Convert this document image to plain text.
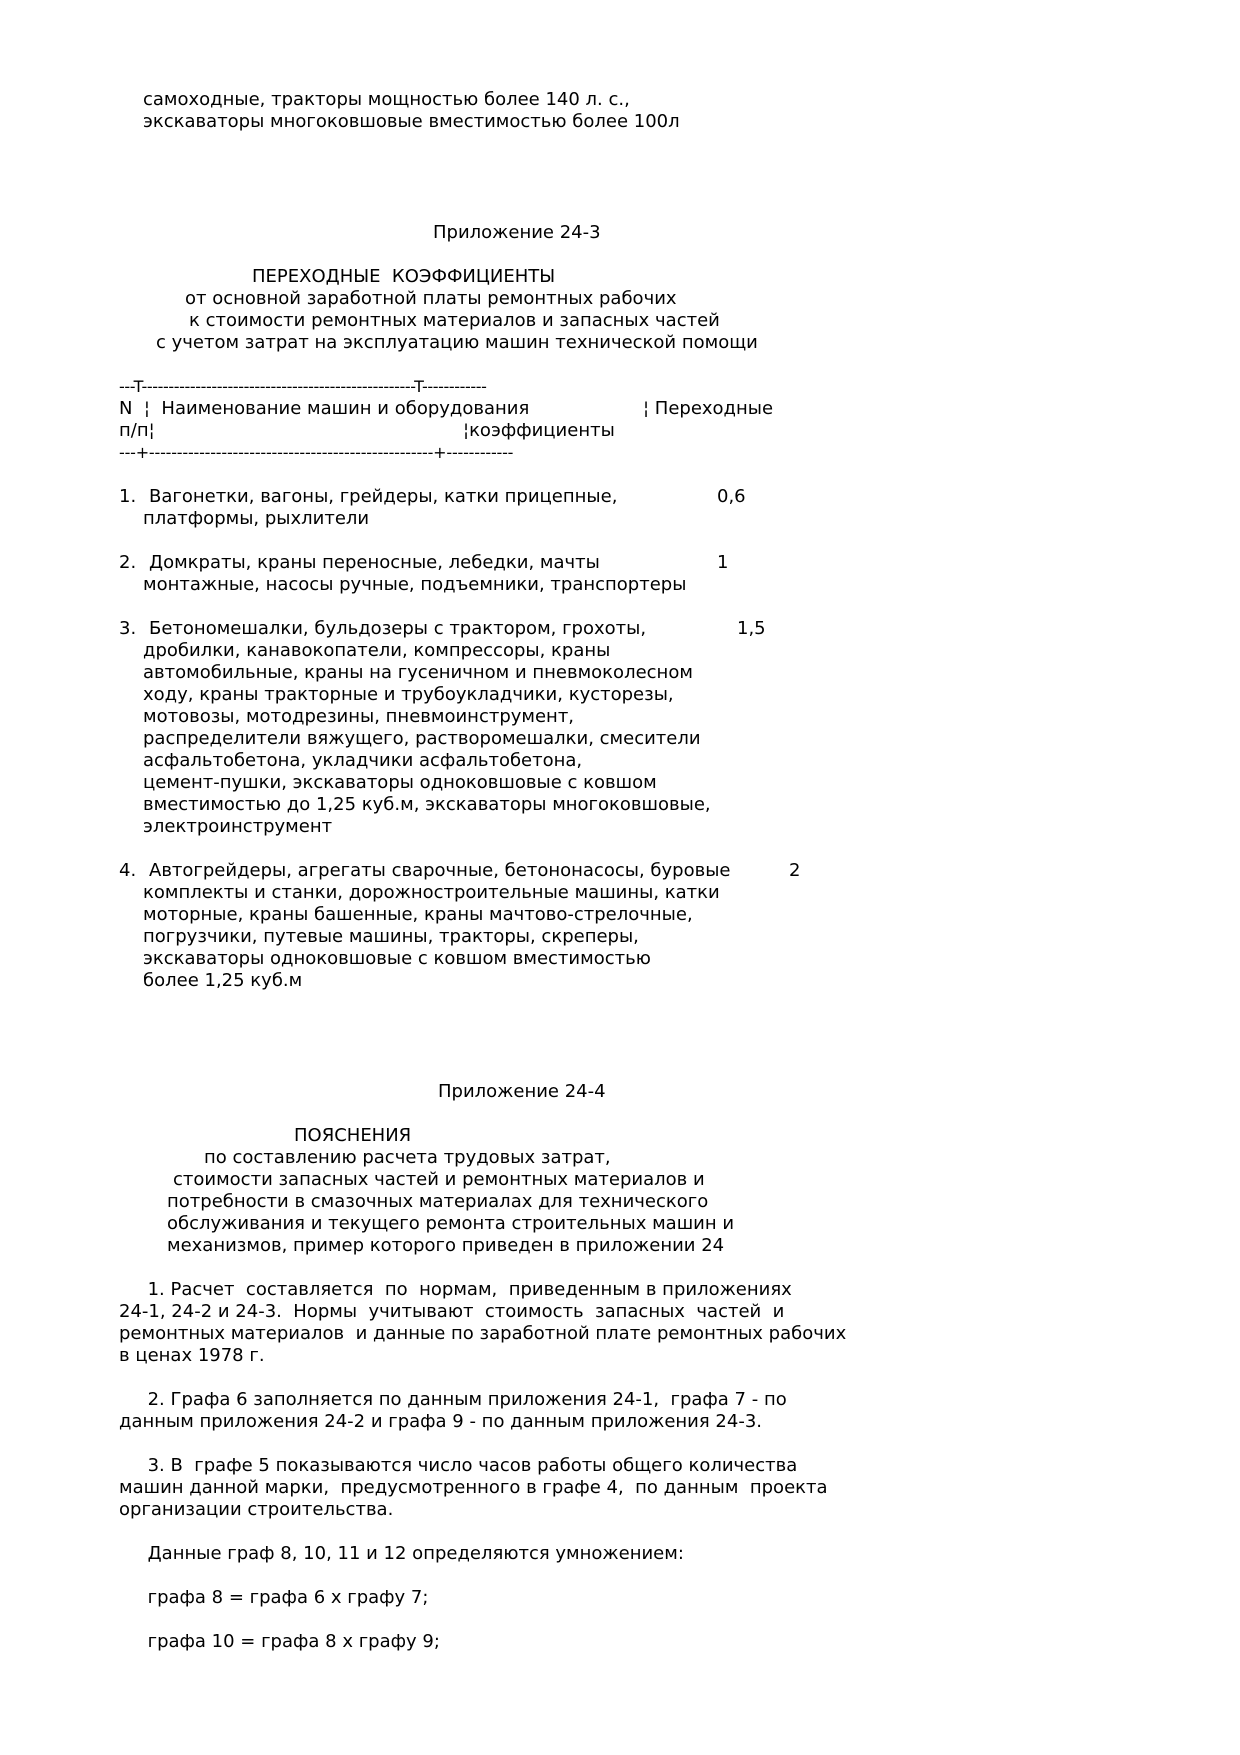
самоходные, тракторы мощностью более 140 л. с.,
экскаваторы многоковшовые вместимостью более 100л
Приложение 24-3
ПЕРЕХОДНЫЕ  КОЭФФИЦИЕНТЫ
от основной заработной платы ремонтных рабочих
к стоимости ремонтных материалов и запасных частей
с учетом затрат на эксплуатацию машин технической помощи
---T---------------------------------------------------T------------
N  ¦  Наименование машин и оборудования	¦ Переходные
п/п¦	¦коэффициенты
---+---------------------------------------------------+------------
1. Вагонетки, вагоны, грейдеры, катки прицепные,	0,6
платформы, рыхлители
2. Домкраты, краны переносные, лебедки, мачты	1
монтажные, насосы ручные, подъемники, транспортеры
3. Бетономешалки, бульдозеры с трактором, грохоты,	1,5
дробилки, канавокопатели, компрессоры, краны
автомобильные, краны на гусеничном и пневмоколесном
ходу, краны тракторные и трубоукладчики, кусторезы,
мотовозы, мотодрезины, пневмоинструмент,
распределители вяжущего, растворомешалки, смесители
асфальтобетона, укладчики асфальтобетона,
цемент-пушки, экскаваторы одноковшовые с ковшом
вместимостью до 1,25 куб.м, экскаваторы многоковшовые,
электроинструмент
4. Автогрейдеры, агрегаты сварочные, бетононасосы, буровые	2
комплекты и станки, дорожностроительные машины, катки
моторные, краны башенные, краны мачтово-стрелочные,
погрузчики, путевые машины, тракторы, скреперы,
экскаваторы одноковшовые с ковшом вместимостью
более 1,25 куб.м
Приложение 24-4
ПОЯСНЕНИЯ
по составлению расчета трудовых затрат,
стоимости запасных частей и ремонтных материалов и
потребности в смазочных материалах для технического
обслуживания и текущего ремонта строительных машин и
механизмов, пример которого приведен в приложении 24
1. Расчет  составляется  по  нормам,  приведенным в приложениях
24-1, 24-2 и 24-3.  Нормы  учитывают  стоимость  запасных  частей  и
ремонтных материалов  и данные по заработной плате ремонтных рабочих
в ценах 1978 г.
2. Графа 6 заполняется по данным приложения 24-1,  графа 7 - по
данным приложения 24-2 и графа 9 - по данным приложения 24-3.
3. В  графе 5 показываются число часов работы общего количества
машин данной марки,  предусмотренного в графе 4,  по данным  проекта
организации строительства.
Данные граф 8, 10, 11 и 12 определяются умножением:
графа 8 = графа 6 х графу 7;
графа 10 = графа 8 х графу 9;
